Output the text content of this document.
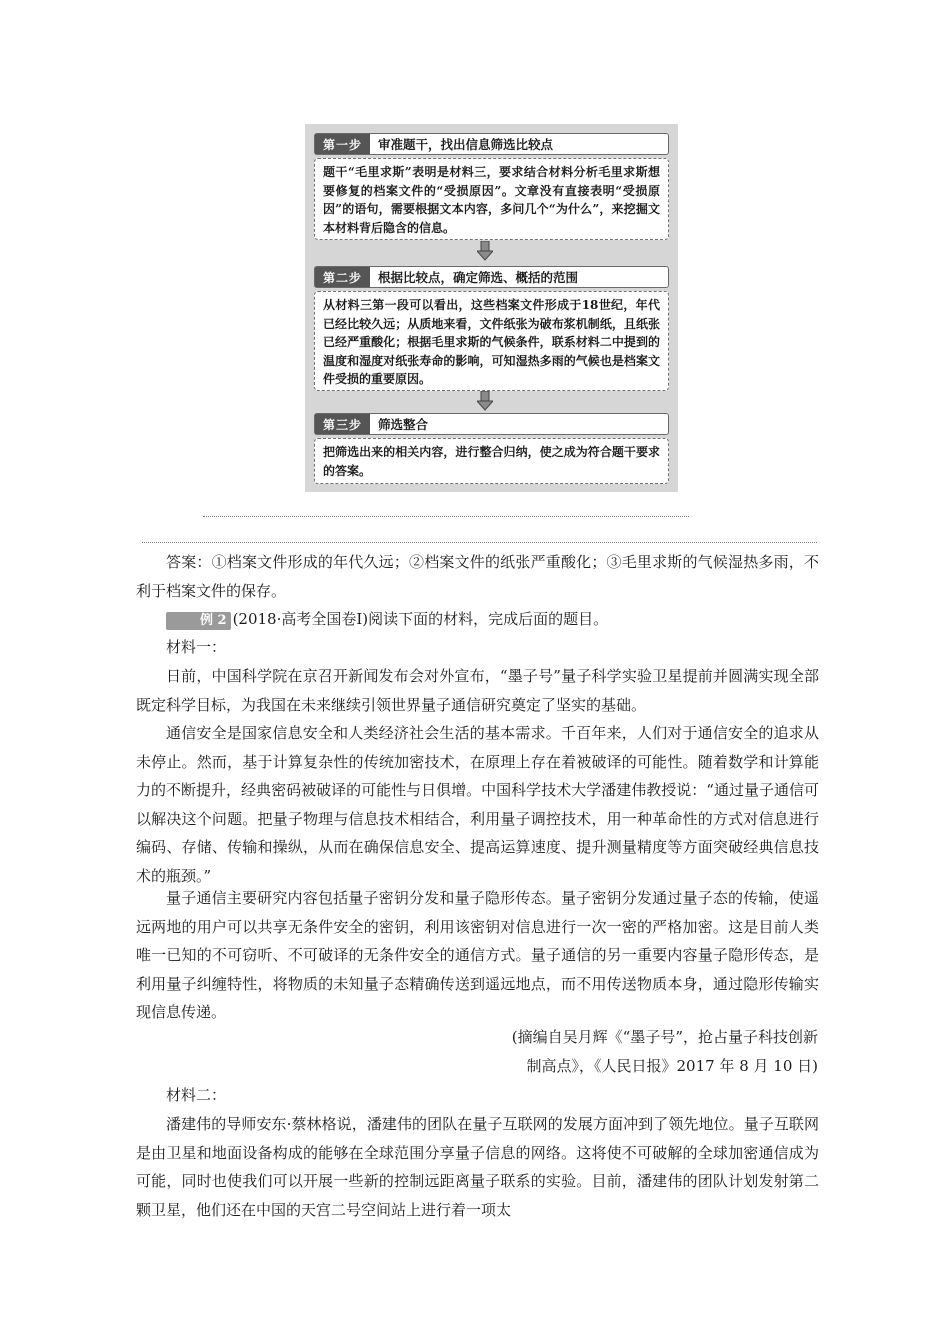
第一步	审准题干，找出信息筛选比较点
题干“毛里求斯”表明是材料三，要求结合材料分析毛里求斯想要修复的档案文件的“受损原因”。文章没有直接表明“受损原因”的语句，需要根据文本内容，多问几个“为什么”，来挖掘文本材料背后隐含的信息。
第二步	根据比较点，确定筛选、概括的范围
从材料三第一段可以看出，这些档案文件形成于18世纪，年代已经比较久远；从质地来看，文件纸张为破布浆机制纸，且纸张已经严重酸化；根据毛里求斯的气候条件，联系材料二中提到的温度和湿度对纸张寿命的影响，可知湿热多雨的气候也是档案文件受损的重要原因。
第三步	筛选整合
把筛选出来的相关内容，进行整合归纳，使之成为符合题干要求的答案。
答案：①档案文件形成的年代久远；②档案文件的纸张严重酸化；③毛里求斯的气候湿热多雨，不利于档案文件的保存。
例 2 (2018·高考全国卷Ⅰ)阅读下面的材料，完成后面的题目。
材料一：
日前，中国科学院在京召开新闻发布会对外宣布，“墨子号”量子科学实验卫星提前并圆满实现全部既定科学目标，为我国在未来继续引领世界量子通信研究奠定了坚实的基础。
通信安全是国家信息安全和人类经济社会生活的基本需求。千百年来，人们对于通信安全的追求从未停止。然而，基于计算复杂性的传统加密技术，在原理上存在着被破译的可能性。随着数学和计算能力的不断提升，经典密码被破译的可能性与日俱增。中国科学技术大学潘建伟教授说：“通过量子通信可以解决这个问题。把量子物理与信息技术相结合，利用量子调控技术，用一种革命性的方式对信息进行编码、存储、传输和操纵，从而在确保信息安全、提高运算速度、提升测量精度等方面突破经典信息技术的瓶颈。”
量子通信主要研究内容包括量子密钥分发和量子隐形传态。量子密钥分发通过量子态的传输，使遥远两地的用户可以共享无条件安全的密钥，利用该密钥对信息进行一次一密的严格加密。这是目前人类唯一已知的不可窃听、不可破译的无条件安全的通信方式。量子通信的另一重要内容量子隐形传态，是利用量子纠缠特性，将物质的未知量子态精确传送到遥远地点，而不用传送物质本身，通过隐形传输实现信息传递。
(摘编自吴月辉《“墨子号”，抢占量子科技创新
制高点》，《人民日报》2017 年 8 月 10 日)
材料二：
潘建伟的导师安东·蔡林格说，潘建伟的团队在量子互联网的发展方面冲到了领先地位。量子互联网是由卫星和地面设备构成的能够在全球范围分享量子信息的网络。这将使不可破解的全球加密通信成为可能，同时也使我们可以开展一些新的控制远距离量子联系的实验。目前，潘建伟的团队计划发射第二颗卫星，他们还在中国的天宫二号空间站上进行着一项太
